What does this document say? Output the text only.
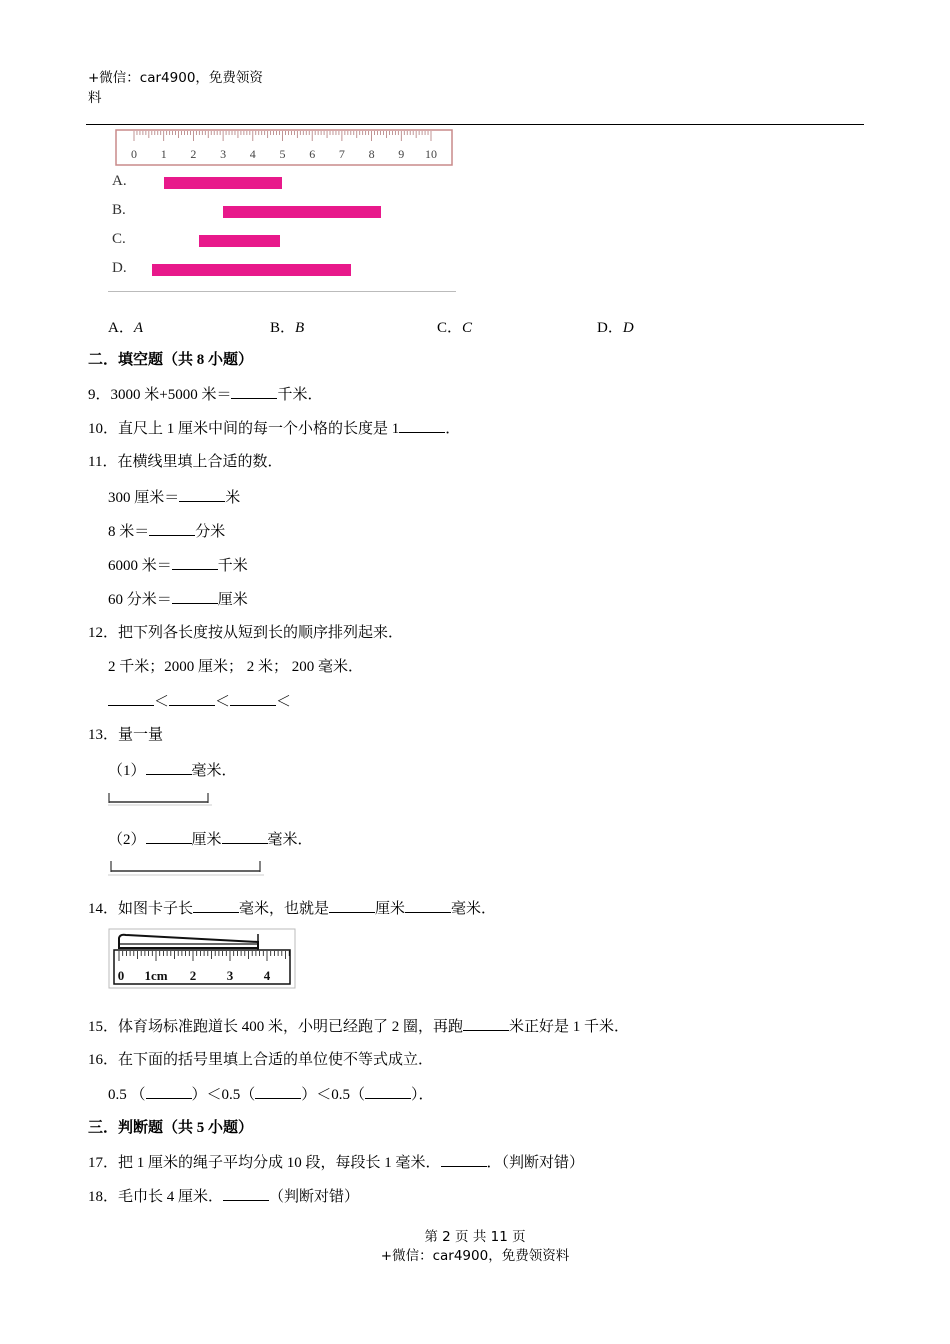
+微信：car4900，免费领资
料
0 1 2 3 4 5 6 7 8 9 10
A.
B.
C.
D.
A．A	B．B	C．C	D．D
二．填空题（共 8 小题）
9．3000 米+5000 米＝	千米．
10．直尺上 1 厘米中间的每一个小格的长度是 1	．
11．在横线里填上合适的数．
300 厘米＝	米
8 米＝	分米
6000 米＝	千米
60 分米＝	厘米
12．把下列各长度按从短到长的顺序排列起来．
2 千米；2000 厘米； 2 米； 200 毫米．
＜	＜	＜
13．量一量
（1）	毫米．
（2）	厘米	毫米．
14．如图卡子长	毫米，也就是	厘米	毫米．
0 1cm 2 3 4
15．体育场标准跑道长 400 米，小明已经跑了 2 圈，再跑	米正好是 1 千米．
16．在下面的括号里填上合适的单位使不等式成立．
0.5 （	）＜0.5（	）＜0.5（	）．
三．判断题（共 5 小题）
17．把 1 厘米的绳子平均分成 10 段，每段长 1 毫米．	．（判断对错）
18．毛巾长 4 厘米．	（判断对错）
第 2 页 共 11 页
+微信：car4900，免费领资料
